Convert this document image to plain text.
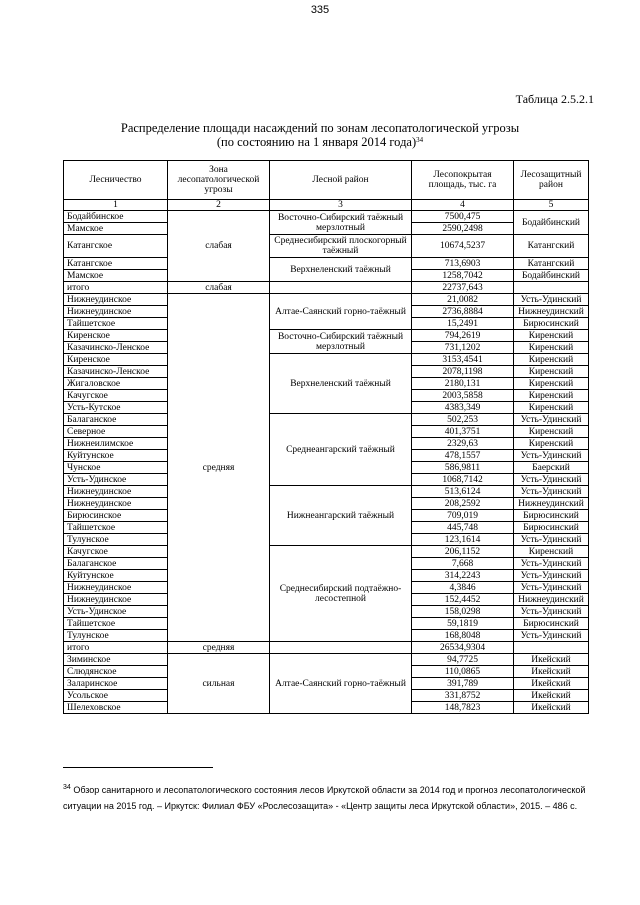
335
Таблица 2.5.2.1
Распределение площади насаждений по зонам лесопатологической угрозы
(по состоянию на 1 января 2014 года)$^{34}$
Лесничество	Зона лесопатологической угрозы	Лесной район	Лесопокрытая площадь, тыс. га	Лесозащитный район
1	2	3	4	5
Бодайбинское	слабая	Восточно-Сибирский таёжный мерзлотный	7500,475	Бодайбинский
Мамское			2590,2498	
Катангское		Среднесибирский плоскогорный таёжный	10674,5237	Катангский
Катангское		Верхнеленский таёжный	713,6903	Катангский
Мамское			1258,7042	Бодайбинский
итого	слабая		22737,643	
Нижнеудинское	средняя	Алтае-Саянский горно-таёжный	21,0082	Усть-Удинский
Нижнеудинское			2736,8884	Нижнеудинский
Тайшетское			15,2491	Бирюсинский
Киренское		Восточно-Сибирский таёжный мерзлотный	794,2619	Киренский
Казачинско-Ленское			731,1202	Киренский
Киренское		Верхнеленский таёжный	3153,4541	Киренский
Казачинско-Ленское			2078,1198	Киренский
Жигаловское			2180,131	Киренский
Качугское			2003,5858	Киренский
Усть-Кутское			4383,349	Киренский
Балаганское		Среднеангарский таёжный	502,253	Усть-Удинский
Северное			401,3751	Киренский
Нижнеилимское			2329,63	Киренский
Куйтунское			478,1557	Усть-Удинский
Чунское			586,9811	Баерский
Усть-Удинское			1068,7142	Усть-Удинский
Нижнеудинское		Нижнеангарский таёжный	513,6124	Усть-Удинский
Нижнеудинское			208,2592	Нижнеудинский
Бирюсинское			709,019	Бирюсинский
Тайшетское			445,748	Бирюсинский
Тулунское			123,1614	Усть-Удинский
Качугское		Среднесибирский подтаёжно-лесостепной	206,1152	Киренский
Балаганское			7,668	Усть-Удинский
Куйтунское			314,2243	Усть-Удинский
Нижнеудинское			4,3846	Усть-Удинский
Нижнеудинское			152,4452	Нижнеудинский
Усть-Удинское			158,0298	Усть-Удинский
Тайшетское			59,1819	Бирюсинский
Тулунское			168,8048	Усть-Удинский
итого	средняя		26534,9304	
Зиминское	сильная	Алтае-Саянский горно-таёжный	94,7725	Икейский
Слюдянское			110,0865	Икейский
Заларинское			391,789	Икейский
Усольское			331,8752	Икейский
Шелеховское			148,7823	Икейский
$^{34}$ Обзор санитарного и лесопатологического состояния лесов Иркутской области за 2014 год и прогноз лесопатологической ситуации на 2015 год. – Иркутск: Филиал ФБУ «Рослесозащита» - «Центр защиты леса Иркутской области», 2015. – 486 с.
